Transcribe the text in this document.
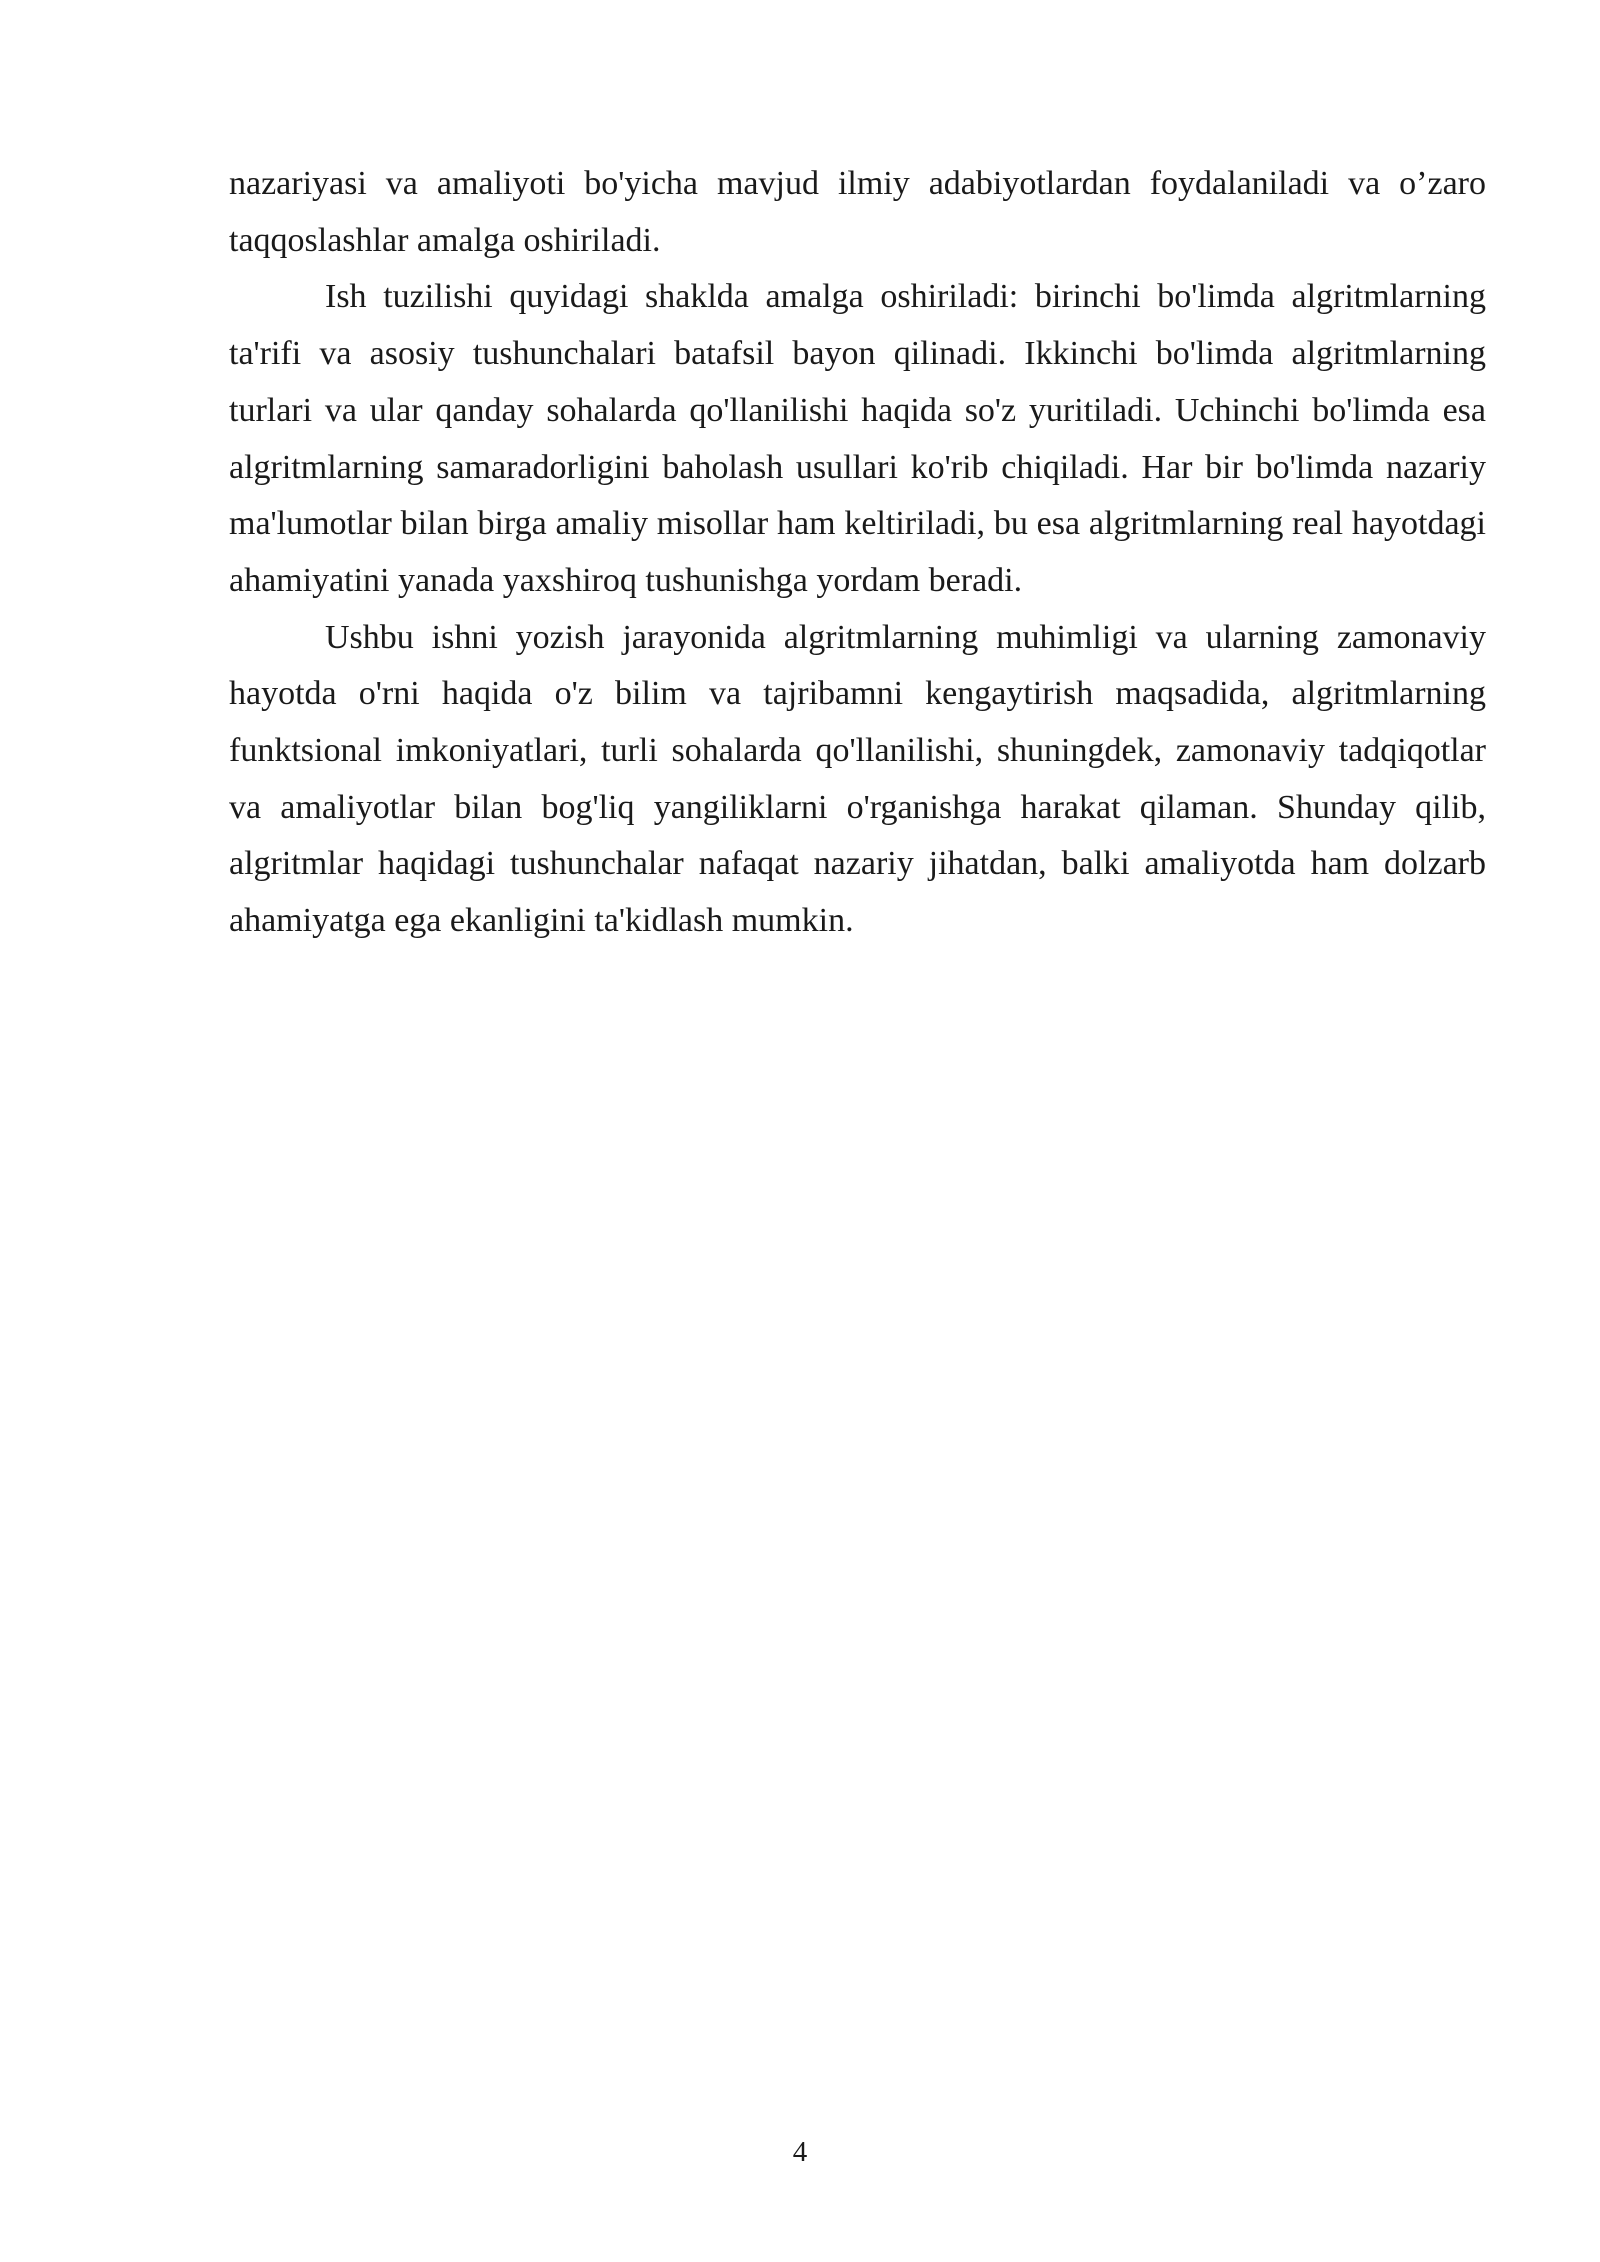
nazariyasi va amaliyoti bo'yicha mavjud ilmiy adabiyotlardan foydalaniladi va o’zaro taqqoslashlar amalga oshiriladi.

Ish tuzilishi quyidagi shaklda amalga oshiriladi: birinchi bo'limda algritmlarning ta'rifi va asosiy tushunchalari batafsil bayon qilinadi. Ikkinchi bo'limda algritmlarning turlari va ular qanday sohalarda qo'llanilishi haqida so'z yuritiladi. Uchinchi bo'limda esa algritmlarning samaradorligini baholash usullari ko'rib chiqiladi. Har bir bo'limda nazariy ma'lumotlar bilan birga amaliy misollar ham keltiriladi, bu esa algritmlarning real hayotdagi ahamiyatini yanada yaxshiroq tushunishga yordam beradi.

Ushbu ishni yozish jarayonida algritmlarning muhimligi va ularning zamonaviy hayotda o'rni haqida o'z bilim va tajribamni kengaytirish maqsadida, algritmlarning funktsional imkoniyatlari, turli sohalarda qo'llanilishi, shuningdek, zamonaviy tadqiqotlar va amaliyotlar bilan bog'liq yangiliklarni o'rganishga harakat qilaman. Shunday qilib, algritmlar haqidagi tushunchalar nafaqat nazariy jihatdan, balki amaliyotda ham dolzarb ahamiyatga ega ekanligini ta'kidlash mumkin.

4
